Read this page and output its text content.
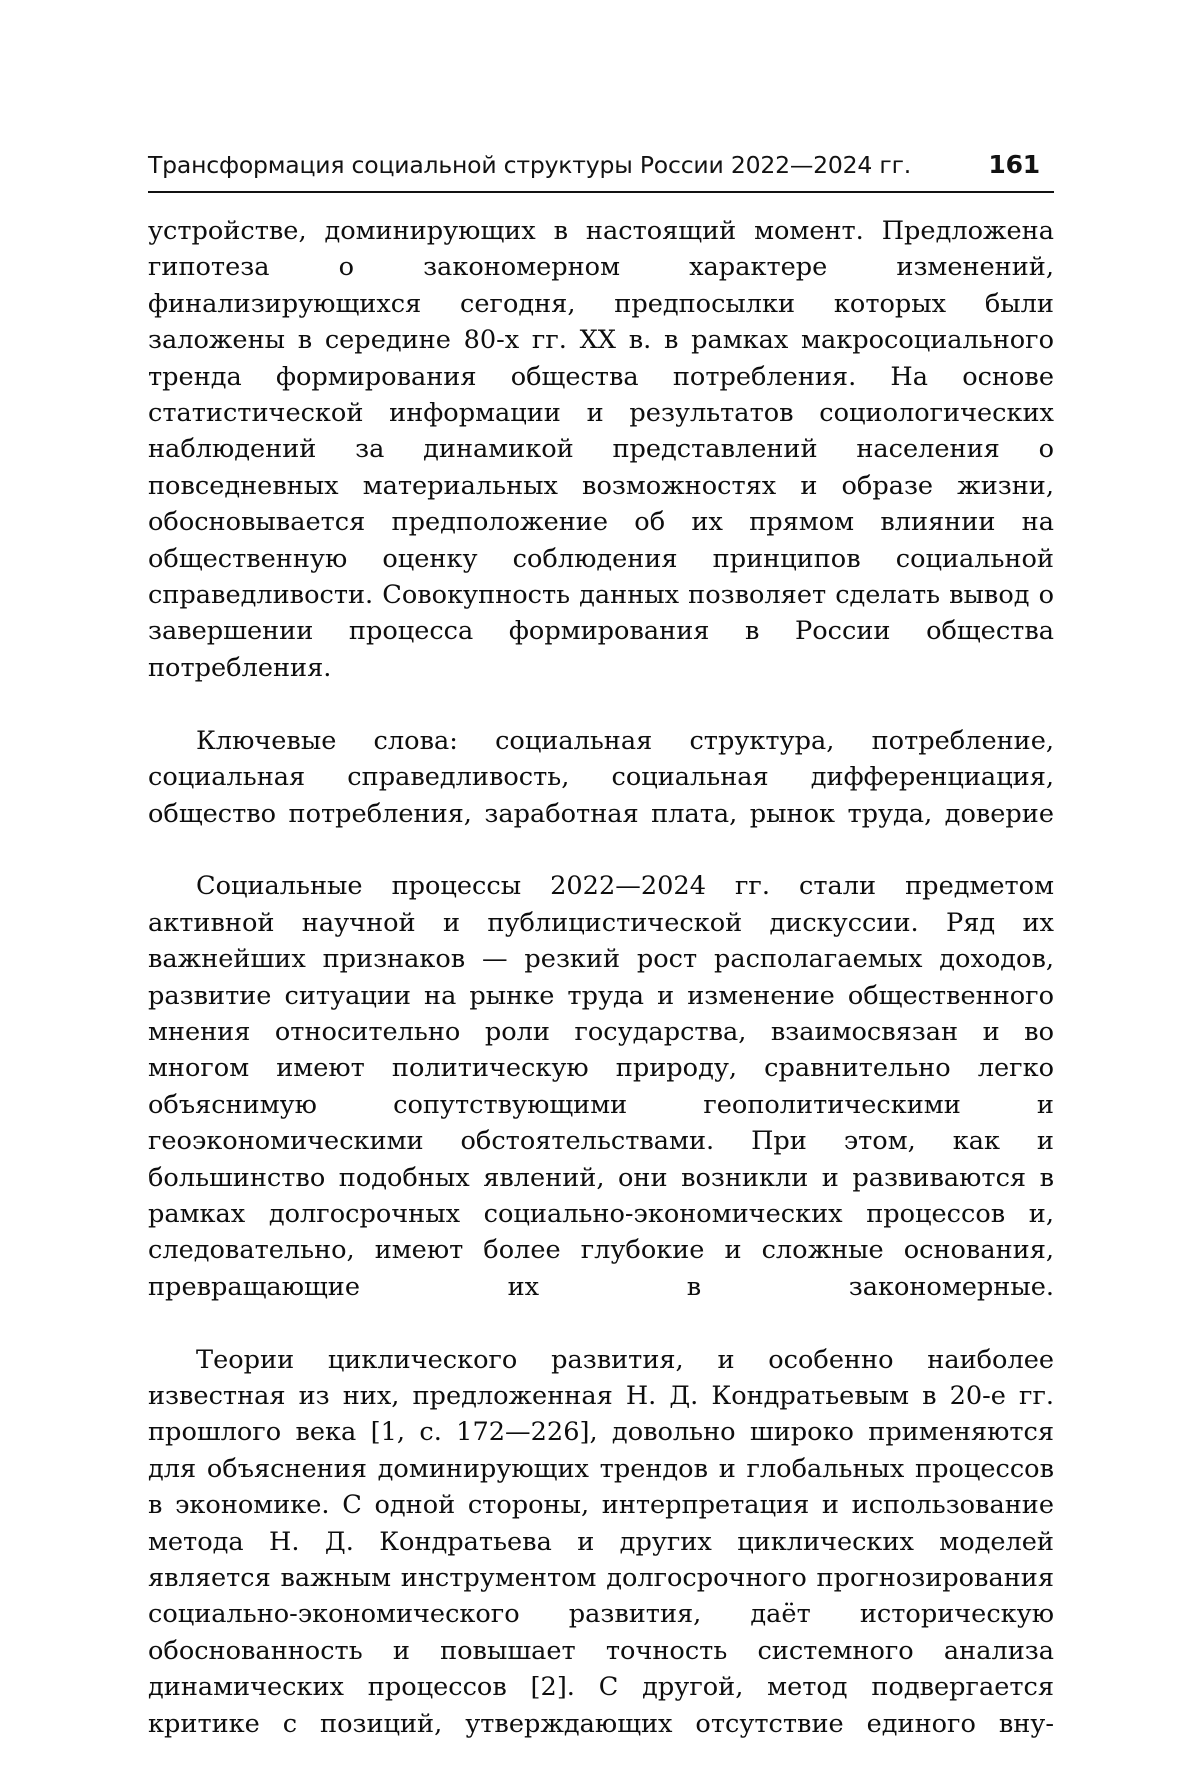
Трансформация социальной структуры России 2022—2024 гг.	161

устройстве, доминирующих в настоящий момент. Предложена гипотеза о закономерном характере изменений, финализирующихся сегодня, предпосылки которых были заложены в середине 80-х гг. XX в. в рамках макросоциального тренда формирования общества потребления. На основе статистической информации и результатов социологических наблюдений за динамикой представлений населения о повседневных материальных возможностях и образе жизни, обосновывается предположение об их прямом влиянии на общественную оценку соблюдения принципов социальной справедливости. Совокупность данных позволяет сделать вывод о завершении процесса формирования в России общества потребления.

Ключевые слова: социальная структура, потребление, социальная справедливость, социальная дифференциация, общество потребления, заработная плата, рынок труда, доверие

Социальные процессы 2022—2024 гг. стали предметом активной научной и публицистической дискуссии. Ряд их важнейших признаков — резкий рост располагаемых доходов, развитие ситуации на рынке труда и изменение общественного мнения относительно роли государства, взаимосвязан и во многом имеют политическую природу, сравнительно легко объяснимую сопутствующими геополитическими и геоэкономическими обстоятельствами. При этом, как и большинство подобных явлений, они возникли и развиваются в рамках долгосрочных социально-экономических процессов и, следовательно, имеют более глубокие и сложные основания, превращающие их в закономерные.

Теории циклического развития, и особенно наиболее известная из них, предложенная Н. Д. Кондратьевым в 20-е гг. прошлого века [1, с. 172—226], довольно широко применяются для объяснения доминирующих трендов и глобальных процессов в экономике. С одной стороны, интерпретация и использование метода Н. Д. Кондратьева и других циклических моделей является важным инструментом долгосрочного прогнозирования социально-экономического развития, даёт историческую обоснованность и повышает точность системного анализа динамических процессов [2]. С другой, метод подвергается критике с позиций, утверждающих отсутствие единого вну-
